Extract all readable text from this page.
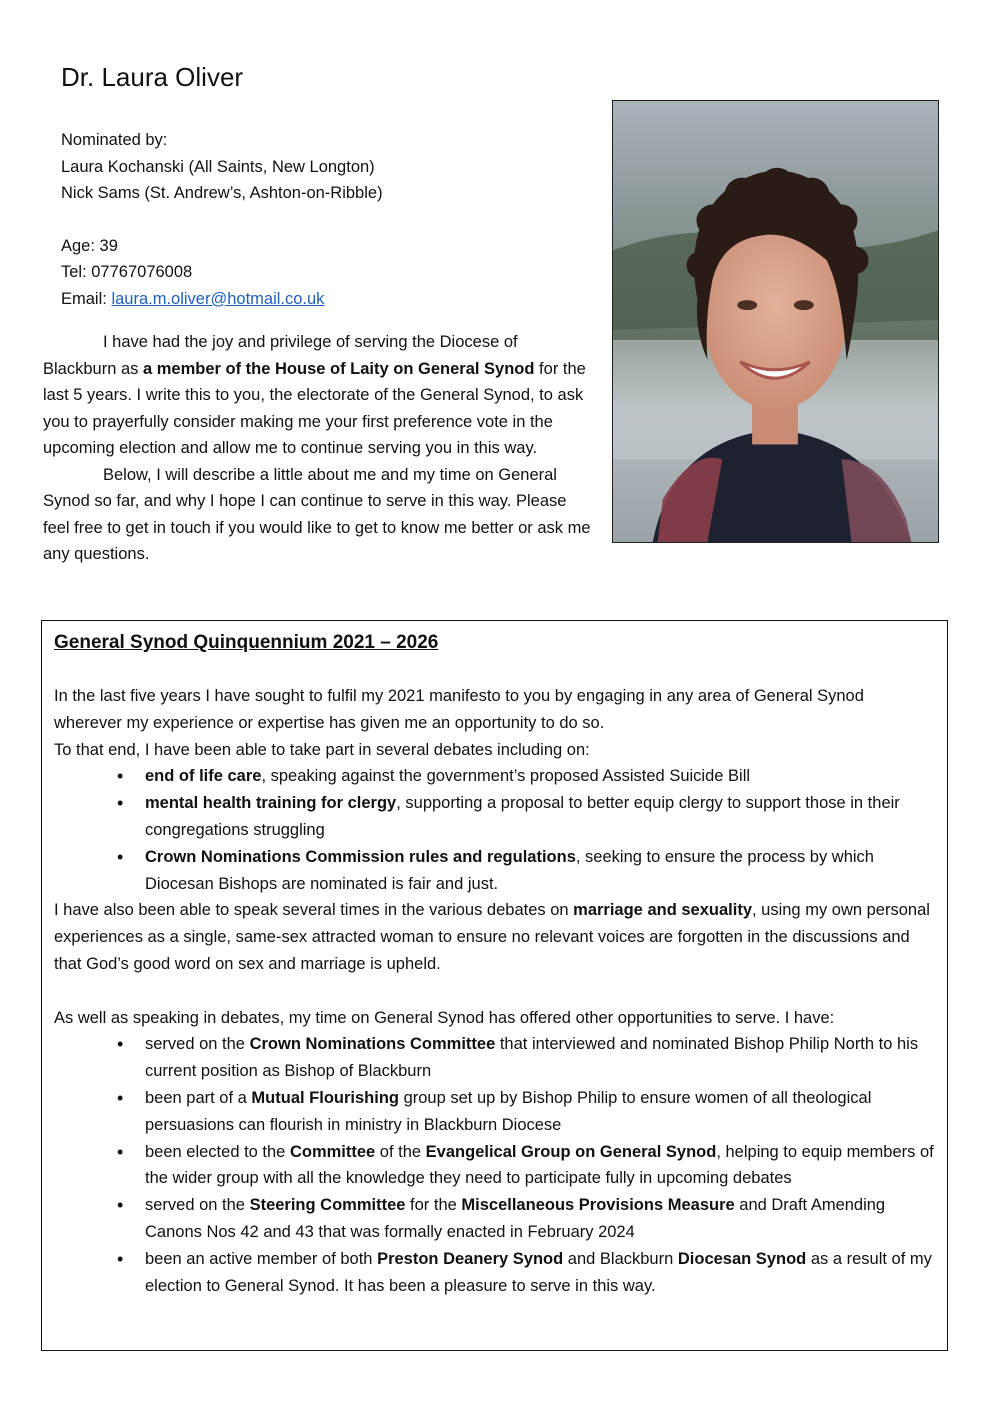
Dr. Laura Oliver
Nominated by:
Laura Kochanski (All Saints, New Longton)
Nick Sams (St. Andrew’s, Ashton-on-Ribble)
Age: 39
Tel: 07767076008
Email: laura.m.oliver@hotmail.co.uk

I have had the joy and privilege of serving the Diocese of Blackburn as a member of the House of Laity on General Synod for the last 5 years. I write this to you, the electorate of the General Synod, to ask you to prayerfully consider making me your first preference vote in the upcoming election and allow me to continue serving you in this way.

Below, I will describe a little about me and my time on General Synod so far, and why I hope I can continue to serve in this way. Please feel free to get in touch if you would like to get to know me better or ask me any questions.

General Synod Quinquennium 2021 – 2026

In the last five years I have sought to fulfil my 2021 manifesto to you by engaging in any area of General Synod wherever my experience or expertise has given me an opportunity to do so.

To that end, I have been able to take part in several debates including on:

• end of life care, speaking against the government’s proposed Assisted Suicide Bill
• mental health training for clergy, supporting a proposal to better equip clergy to support those in their congregations struggling
• Crown Nominations Commission rules and regulations, seeking to ensure the process by which Diocesan Bishops are nominated is fair and just.

I have also been able to speak several times in the various debates on marriage and sexuality, using my own personal experiences as a single, same-sex attracted woman to ensure no relevant voices are forgotten in the discussions and that God’s good word on sex and marriage is upheld.

As well as speaking in debates, my time on General Synod has offered other opportunities to serve. I have:

• served on the Crown Nominations Committee that interviewed and nominated Bishop Philip North to his current position as Bishop of Blackburn
• been part of a Mutual Flourishing group set up by Bishop Philip to ensure women of all theological persuasions can flourish in ministry in Blackburn Diocese
• been elected to the Committee of the Evangelical Group on General Synod, helping to equip members of the wider group with all the knowledge they need to participate fully in upcoming debates
• served on the Steering Committee for the Miscellaneous Provisions Measure and Draft Amending Canons Nos 42 and 43 that was formally enacted in February 2024
• been an active member of both Preston Deanery Synod and Blackburn Diocesan Synod as a result of my election to General Synod. It has been a pleasure to serve in this way.
